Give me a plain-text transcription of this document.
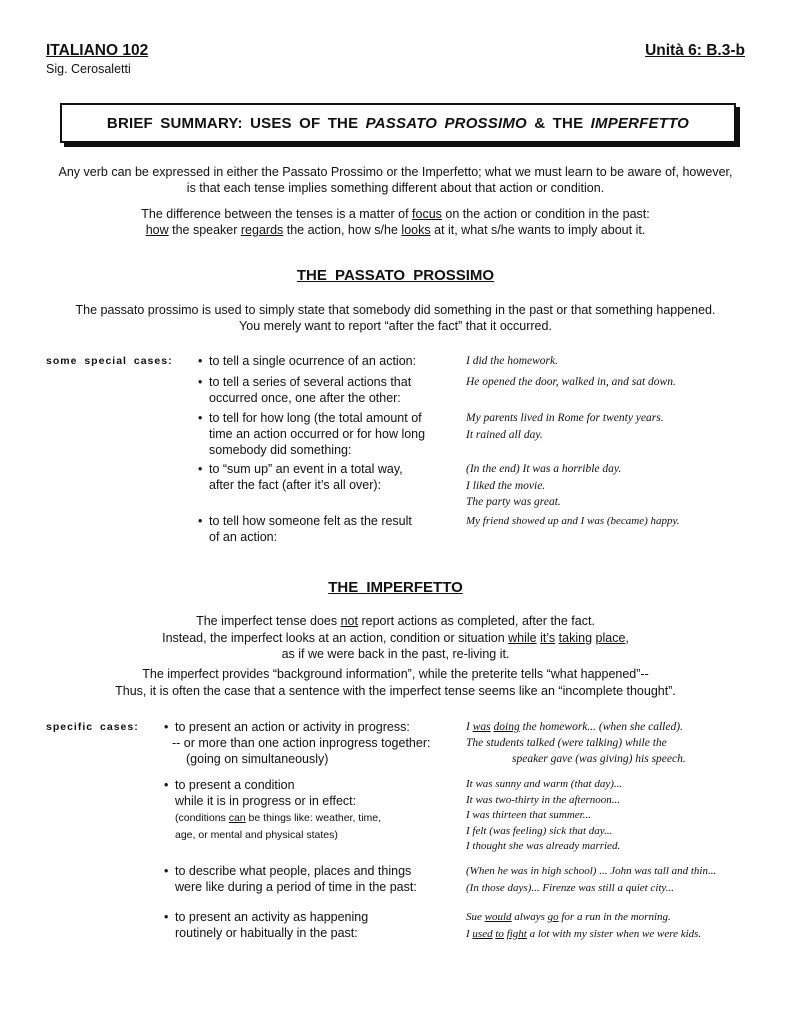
ITALIANO 102
Sig. Cerosaletti
Unità 6: B.3-b
BRIEF SUMMARY: USES OF THE
PASSATO PROSSIMO
& THE
IMPERFETTO
Any verb can be expressed in either the Passato Prossimo or the Imperfetto; what we must learn to be aware of, however,
is that each tense implies something different about that action or condition.
The difference between the tenses is a matter of focus on the action or condition in the past:
how the speaker regards the action, how s/he looks at it, what s/he wants to imply about it.
THE PASSATO PROSSIMO
The passato prossimo is used to simply state that somebody did something in the past or that something happened.
You merely want to report “after the fact” that it occurred.
some special cases: • to tell a single ocurrence of an action:	I did the homework.
• to tell a series of several actions that
occurred once, one after the other:
He opened the door, walked in, and sat down.
• to tell for how long (the total amount of
time an action occurred or for how long
somebody did something:
My parents lived in Rome for twenty years.
It rained all day.
• to “sum up” an event in a total way,
after the fact (after it’s all over):
(In the end) It was a horrible day.
I liked the movie.
The party was great.
• to tell how someone felt as the result
of an action:
My friend showed up and I was (became) happy.
THE IMPERFETTO
The imperfect tense does not report actions as completed, after the fact.
Instead, the imperfect looks at an action, condition or situation while it’s taking place,
as if we were back in the past, re-living it.
The imperfect provides “background information”, while the preterite tells “what happened”--
Thus, it is often the case that a sentence with the imperfect tense seems like an “incomplete thought”.
specific cases: • to present an action or activity in progress:
-- or more than one action inprogress together:
(going on simultaneously)
I was doing the homework... (when she called).
The students talked (were talking) while the
speaker gave (was giving) his speech.
• to present a condition
while it is in progress or in effect:
(conditions can be things like: weather, time,
age, or mental and physical states)
It was sunny and warm (that day)...
It was two-thirty in the afternoon...
I was thirteen that summer...
I felt (was feeling) sick that day...
I thought she was already married.
• to describe what people, places and things
were like during a period of time in the past:
(When he was in high school) ... John was tall and thin...
(In those days)... Firenze was still a quiet city...
• to present an activity as happening
routinely or habitually in the past:
Sue would always go for a run in the morning.
I used to fight a lot with my sister when we were kids.
